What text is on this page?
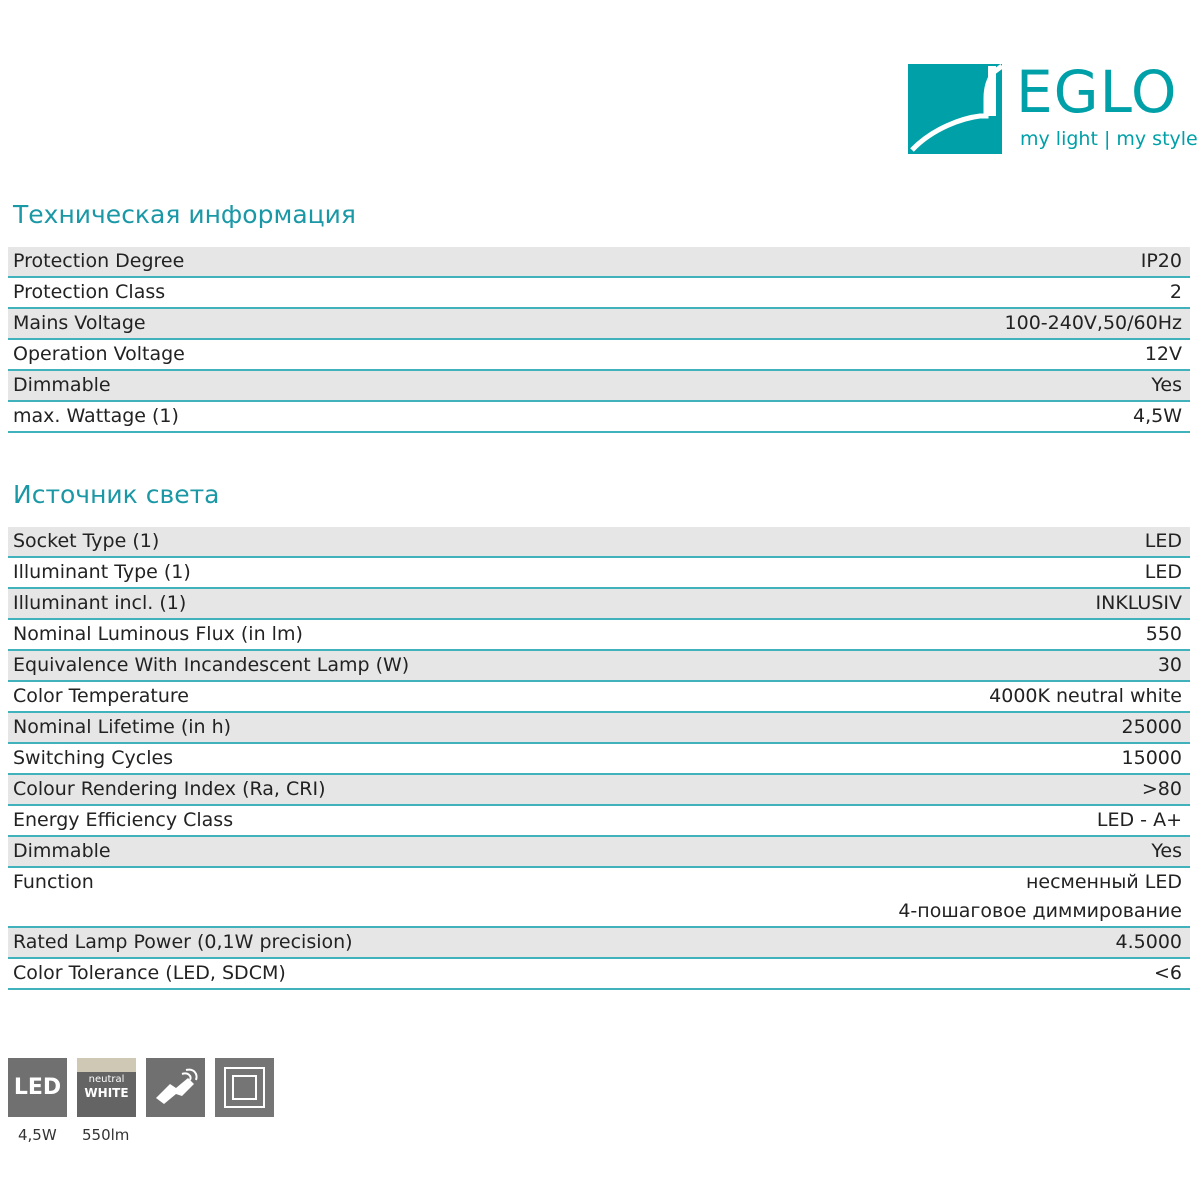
EGLO
my light | my style
Техническая информация
Protection Degree	IP20
Protection Class	2
Mains Voltage	100-240V,50/60Hz
Operation Voltage	12V
Dimmable	Yes
max. Wattage (1)	4,5W
Источник света
Socket Type (1)	LED
Illuminant Type (1)	LED
Illuminant incl. (1)	INKLUSIV
Nominal Luminous Flux (in lm)	550
Equivalence With Incandescent Lamp (W)	30
Color Temperature	4000K neutral white
Nominal Lifetime (in h)	25000
Switching Cycles	15000
Colour Rendering Index (Ra, CRI)	>80
Energy Efficiency Class	LED - A+
Dimmable	Yes
Function	несменный LED
4-пошаговое диммирование
Rated Lamp Power (0,1W precision)	4.5000
Color Tolerance (LED, SDCM)	<6
LED	neutral
WHITE
4,5W 550lm
